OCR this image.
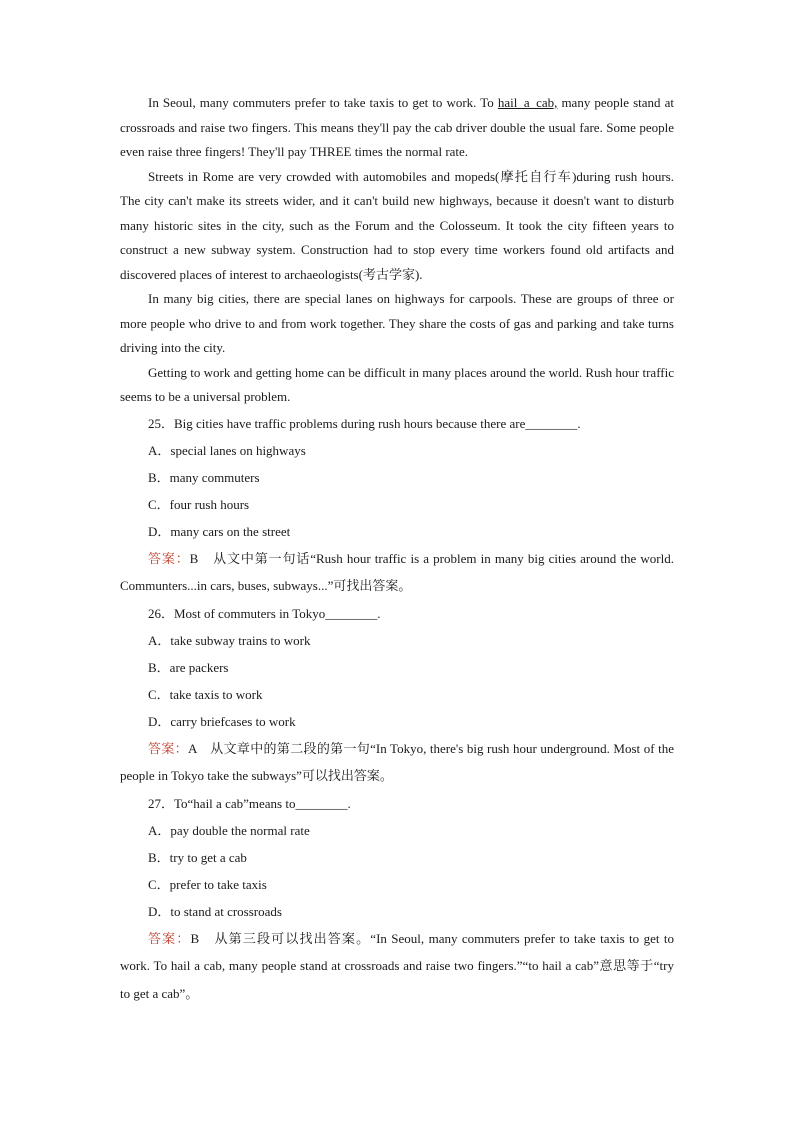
In Seoul, many commuters prefer to take taxis to get to work. To hail_a_cab, many people stand at crossroads and raise two fingers. This means they'll pay the cab driver double the usual fare. Some people even raise three fingers! They'll pay THREE times the normal rate.

Streets in Rome are very crowded with automobiles and mopeds(摩托自行车)during rush hours. The city can't make its streets wider, and it can't build new highways, because it doesn't want to disturb many historic sites in the city, such as the Forum and the Colosseum. It took the city fifteen years to construct a new subway system. Construction had to stop every time workers found old artifacts and discovered places of interest to archaeologists(考古学家).

In many big cities, there are special lanes on highways for carpools. These are groups of three or more people who drive to and from work together. They share the costs of gas and parking and take turns driving into the city.

Getting to work and getting home can be difficult in many places around the world. Rush hour traffic seems to be a universal problem.

25．Big cities have traffic problems during rush hours because there are________.

A．special lanes on highways

B．many commuters

C．four rush hours

D．many cars on the street

答案：B　从文中第一句话“Rush hour traffic is a problem in many big cities around the world. Communters...in cars, buses, subways...”可找出答案。

26．Most of commuters in Tokyo________.

A．take subway trains to work

B．are packers

C．take taxis to work

D．carry briefcases to work

答案：A　从文章中的第二段的第一句“In Tokyo, there's big rush hour underground. Most of the people in Tokyo take the subways”可以找出答案。

27．To“hail a cab”means to________.

A．pay double the normal rate

B．try to get a cab

C．prefer to take taxis

D．to stand at crossroads

答案：B　从第三段可以找出答案。“In Seoul, many commuters prefer to take taxis to get to work. To hail a cab, many people stand at crossroads and raise two fingers.”“to hail a cab”意思等于“try to get a cab”。
